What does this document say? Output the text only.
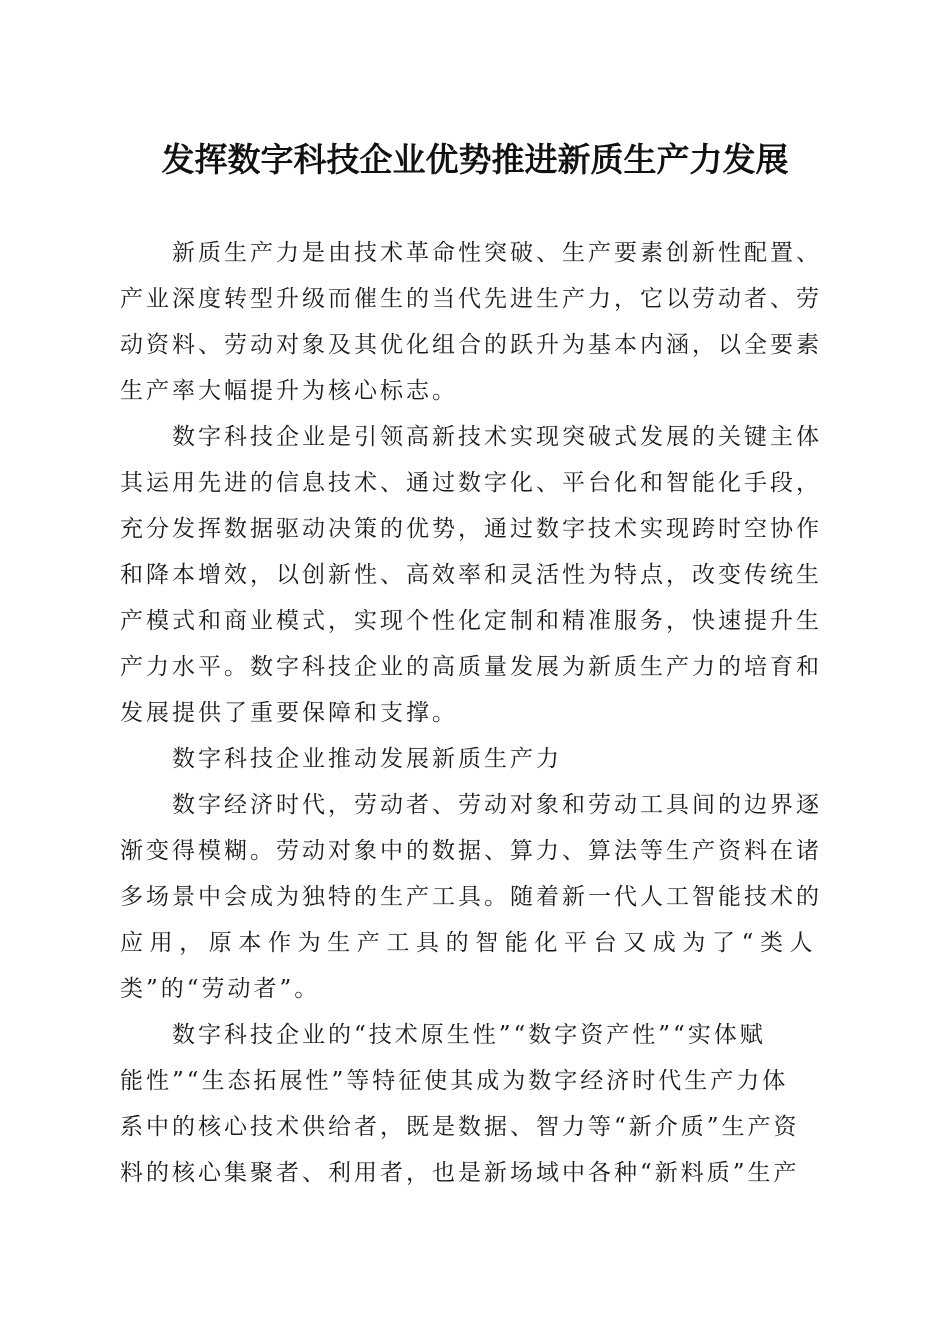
发挥数字科技企业优势推进新质生产力发展
新质生产力是由技术革命性突破、生产要素创新性配置、
产业深度转型升级而催生的当代先进生产力，它以劳动者、劳
动资料、劳动对象及其优化组合的跃升为基本内涵，以全要素
生产率大幅提升为核心标志。
数字科技企业是引领高新技术实现突破式发展的关键主体
其运用先进的信息技术、通过数字化、平台化和智能化手段，
充分发挥数据驱动决策的优势，通过数字技术实现跨时空协作
和降本增效，以创新性、高效率和灵活性为特点，改变传统生
产模式和商业模式，实现个性化定制和精准服务，快速提升生
产力水平。数字科技企业的高质量发展为新质生产力的培育和
发展提供了重要保障和支撑。
数字科技企业推动发展新质生产力
数字经济时代，劳动者、劳动对象和劳动工具间的边界逐
渐变得模糊。劳动对象中的数据、算力、算法等生产资料在诸
多场景中会成为独特的生产工具。随着新一代人工智能技术的
应用，原本作为生产工具的智能化平台又成为了“类人
类”的“劳动者”。
数字科技企业的“技术原生性”“数字资产性”“实体赋
能性”“生态拓展性”等特征使其成为数字经济时代生产力体
系中的核心技术供给者，既是数据、智力等“新介质”生产资
料的核心集聚者、利用者，也是新场域中各种“新料质”生产
